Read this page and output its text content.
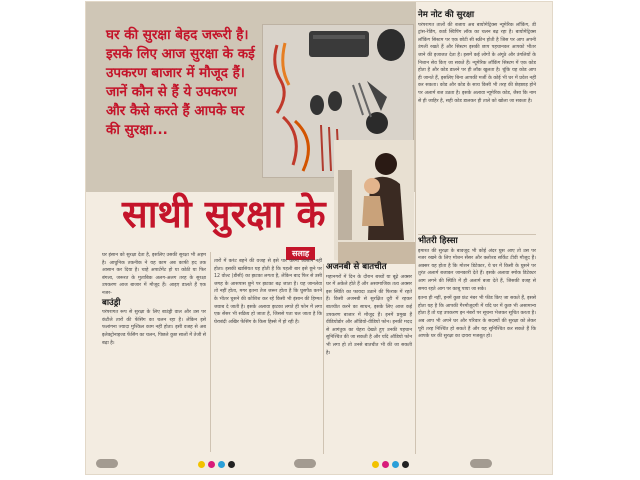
घर की सुरक्षा बेहद जरूरी है। इसके लिए आज सुरक्षा के कई उपकरण बाजार में मौजूद हैं। जानें कौन से हैं ये उपकरण और कैसे करते हैं आपके घर की सुरक्षा...
साथी सुरक्षा के
सलाह
घर इंसान को सुरक्षा देता है, इसलिए उसकी सुरक्षा भी अहम है। आधुनिक तकनीक ने यह काम अब काफी हद तक आसान कर दिया है। चाहे अपार्टमेंट हो या कोठी या फिर बंगला, जरूरत के मुताबिक अलग-अलग तरह के सुरक्षा उपकरण आज बाजार में मौजूद हैं। आइए डालते हैं एक नजर-
बाउंड्री
परंपरागत रूप से सुरक्षा के लिए बाउंड्री वाल और उस पर कंटीले तारों की फेंसिंग का चलन रहा है। लेकिन इसे फलांगना ज्यादा मुश्किल काम नहीं होता। इसी वजह से अब इलेक्ट्रोनाइज्ड फेंसिंग का चलन, पिछले कुछ सालों में तेजी से बढ़ा है।
तारों में करंट बहने की वजह से इसे पार करना आसान नहीं होता। इसकी खासियत यह होती है कि पहली बार इसे छूने पर 12 वोल्ट (डीसी) का झटका लगता है, लेकिन बाद फिर से उसी जगह के आसपास छूने पर झटका बढ़ जाता है। यह जानलेवा तो नहीं होता, मगर इतना तेज जरूर होता है कि घुसपैठ करने के भीतर घुसने की कोशिश कर रहे किसी भी इंसान की हिम्मत जवाब दे जाती है। इसके अलावा झटका लगते ही फोन में लगा एक सेंसर भी सक्रिय हो जाता है, जिससे पता चल जाता है कि घेराबंदी अखिर फेंसिंग के किस हिस्से में हो रही है।
अजनबी से बातचीत
महानगरों में दिन के दौरान बच्चों या बूढ़े अक्सर घर में अकेले होते हैं और असामाजिक तत्व अक्सर इस स्थिति का फायदा उठाने की फिराक में रहते हैं। किसी अजनबी से सुरक्षित दूरी में रहकर बातचीत करने का साधन, इसके लिए आज कई उपकरण बाजार में मौजूद हैं। इनमें प्रमुख हैं वीडियोडोर और ऑडियो-वीडियो फोन। इनकी मदद से आगंतुक का चेहरा देखते हुए उनकी पहचान सुनिश्चित की जा सकती है और यदि ऑडियो फोन भी लगा हो तो उनसे बातचीत भी की जा सकती है।
नेम नोट की सुरक्षा
परंपरागत तालों की बजाय अब बायोमेट्रिक्स न्यूमेरिक लॉकिंग, डी ट्रांस-रेडिंग, कार्ड स्विपिंग लॉक का चलन बढ़ रहा है। बायोमेट्रिक्स लॉकिंग सिस्टम पर एक छोटी सी स्क्रीन होती है जिस पर आप अपनी उंगली रखते हैं और सिस्टम इसकी छाप पहचानकर आपको भीतर जाने की इजाजत देता है। इसमें कई लोगों के अंगूठे और उंगलियों के निशान सेव किए जा सकते हैं। न्यूमेरिक लॉकिंग सिस्टम में एक कोड होता है और कोड डालने पर ही लॉक खुलता है। चूंकि यह कोड आप ही जानते हैं, इसलिए बिना आपकी मर्जी के कोई भी घर में प्रवेश नहीं कर सकता। कोड और कोड के साथ किसी भी तरह की छेड़छाड़ होने पर अलार्म बज उठता है। इसके अलावा न्यूमेरिक कोड, जैसा कि नाम से ही जाहिर है, सही कोड डालकर ही ताले को खोला जा सकता है।
भीतरी हिस्सा
इमारत की सुरक्षा के बावजूद भी कोई अंदर घुस आए तो उस पर नजर रखने के लिए मोशन सेंसर और क्लोज्ड सर्किट टीवी मौजूद हैं। अक्सर यह होता है कि मोशन डिटेक्टर, ये घर में किसी के घुसने पर तुरंत अलार्म बजाकर जानकारी देते हैं। इसके अलावा स्मोक डिटेक्टर आग लगने की स्थिति में ही अलार्म बजा देते हैं, जिसकी वजह से समय रहते आग पर काबू पाया जा सके।
इतना ही नहीं, इनमें कुछ फ्रंट नंबर भी फीड किए जा सकते हैं, इससे होता यह है कि आपकी गैरमौजूदगी में यदि घर में कुछ भी असामान्य होता है तो यह उपकरण इन नंबरों पर सूचना भेजकर सूचित करता है। अब आप भी अपने घर और परिवार के सदस्यों की सुरक्षा को लेकर पूरी तरह निश्चिंत हो सकते हैं और यह सुनिश्चित कर सकते हैं कि आपके घर की सुरक्षा का दायरा मजबूत हो।
